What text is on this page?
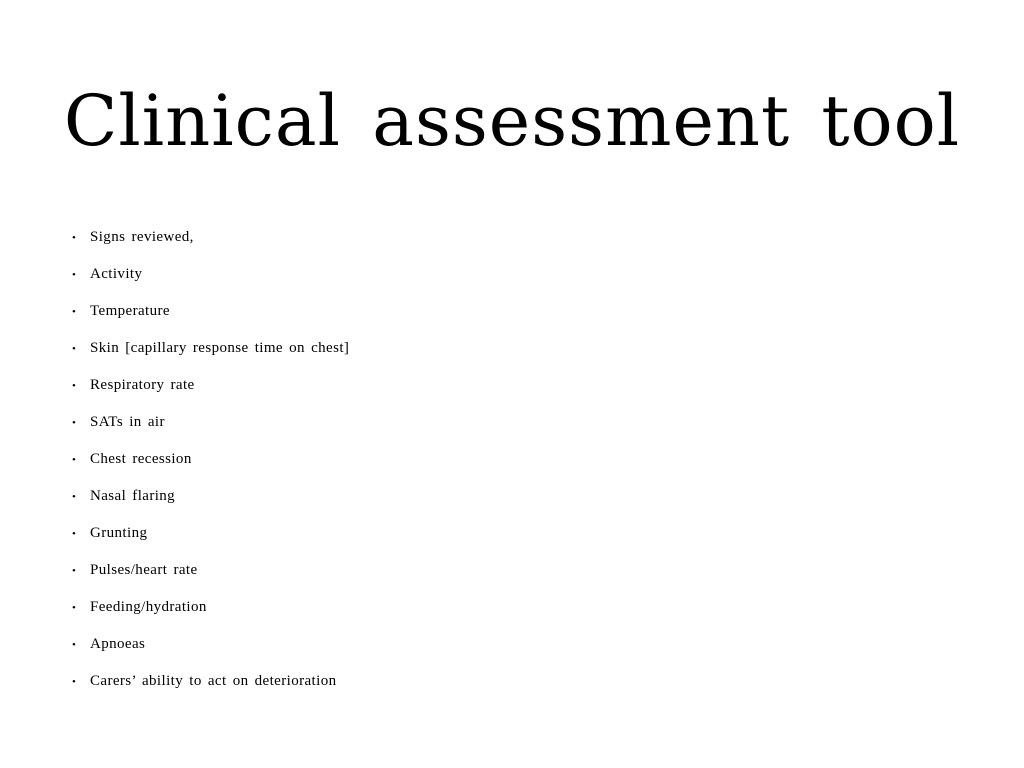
Clinical assessment tool
• Signs reviewed,
• Activity
• Temperature
• Skin [capillary response time on chest]
• Respiratory rate
• SATs in air
• Chest recession
• Nasal flaring
• Grunting
• Pulses/heart rate
• Feeding/hydration
• Apnoeas
• Carers’ ability to act on deterioration
